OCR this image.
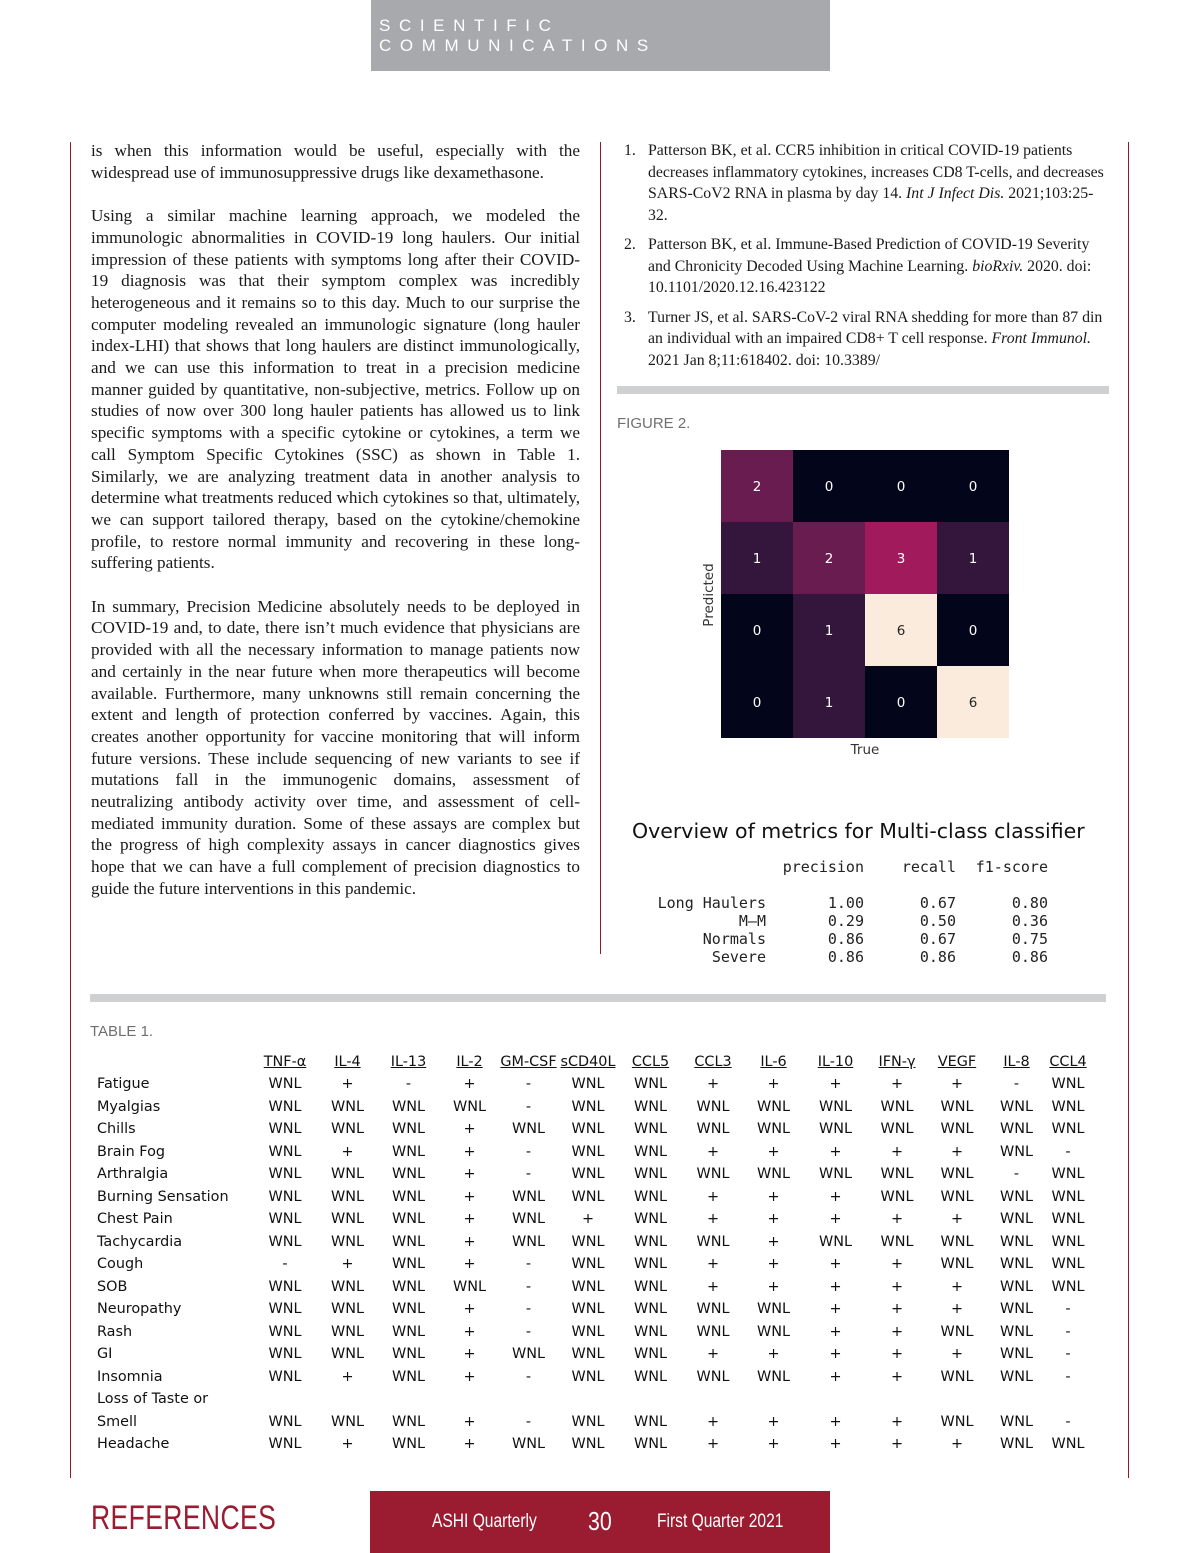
SCIENTIFIC COMMUNICATIONS

is when this information would be useful, especially with the widespread use of immunosuppressive drugs like dexamethasone.

Using a similar machine learning approach, we modeled the immunologic abnormalities in COVID-19 long haulers. Our initial impression of these patients with symptoms long after their COVID-19 diagnosis was that their symptom complex was incredibly heterogeneous and it remains so to this day. Much to our surprise the computer modeling revealed an immunologic signature (long hauler index-LHI) that shows that long haulers are distinct immunologically, and we can use this information to treat in a precision medicine manner guided by quantitative, non-subjective, metrics. Follow up on studies of now over 300 long hauler patients has allowed us to link specific symptoms with a specific cytokine or cytokines, a term we call Symptom Specific Cytokines (SSC) as shown in Table 1. Similarly, we are analyzing treatment data in another analysis to determine what treatments reduced which cytokines so that, ultimately, we can support tailored therapy, based on the cytokine/chemokine profile, to restore normal immunity and recovering in these long-suffering patients.

In summary, Precision Medicine absolutely needs to be deployed in COVID-19 and, to date, there isn’t much evidence that physicians are provided with all the necessary information to manage patients now and certainly in the near future when more therapeutics will become available. Furthermore, many unknowns still remain concerning the extent and length of protection conferred by vaccines. Again, this creates another opportunity for vaccine monitoring that will inform future versions. These include sequencing of new variants to see if mutations fall in the immunogenic domains, assessment of neutralizing antibody activity over time, and assessment of cell-mediated immunity duration. Some of these assays are complex but the progress of high complexity assays in cancer diagnostics gives hope that we can have a full complement of precision diagnostics to guide the future interventions in this pandemic.

1. Patterson BK, et al. CCR5 inhibition in critical COVID-19 patients decreases inflammatory cytokines, increases CD8 T-cells, and decreases SARS-CoV2 RNA in plasma by day 14. Int J Infect Dis. 2021;103:25-32.
2. Patterson BK, et al. Immune-Based Prediction of COVID-19 Severity and Chronicity Decoded Using Machine Learning. bioRxiv. 2020. doi: 10.1101/2020.12.16.423122
3. Turner JS, et al. SARS-CoV-2 viral RNA shedding for more than 87 din an individual with an impaired CD8+ T cell response. Front Immunol. 2021 Jan 8;11:618402. doi: 10.3389/
FIGURE 2.
2	0	0	0
1	2	3	1
0	1	6	0
0	1	0	6
True
Predicted
Overview of metrics for Multi-class classifier
	precision	recall	f1-score

Long Haulers	1.00	0.67	0.80
M–M	0.29	0.50	0.36
Normals	0.86	0.67	0.75
Severe	0.86	0.86	0.86
TABLE 1.
	TNF-α	IL-4	IL-13	IL-2	GM-CSF	sCD40L	CCL5	CCL3	IL-6	IL-10	IFN-γ	VEGF	IL-8	CCL4
Fatigue	WNL	+	-	+	-	WNL	WNL	+	+	+	+	+	-	WNL
Myalgias	WNL	WNL	WNL	WNL	-	WNL	WNL	WNL	WNL	WNL	WNL	WNL	WNL	WNL
Chills	WNL	WNL	WNL	+	WNL	WNL	WNL	WNL	WNL	WNL	WNL	WNL	WNL	WNL
Brain Fog	WNL	+	WNL	+	-	WNL	WNL	+	+	+	+	+	WNL	-
Arthralgia	WNL	WNL	WNL	+	-	WNL	WNL	WNL	WNL	WNL	WNL	WNL	-	WNL
Burning Sensation	WNL	WNL	WNL	+	WNL	WNL	WNL	+	+	+	WNL	WNL	WNL	WNL
Chest Pain	WNL	WNL	WNL	+	WNL	+	WNL	+	+	+	+	+	WNL	WNL
Tachycardia	WNL	WNL	WNL	+	WNL	WNL	WNL	WNL	+	WNL	WNL	WNL	WNL	WNL
Cough	-	+	WNL	+	-	WNL	WNL	+	+	+	+	WNL	WNL	WNL
SOB	WNL	WNL	WNL	WNL	-	WNL	WNL	+	+	+	+	+	WNL	WNL
Neuropathy	WNL	WNL	WNL	+	-	WNL	WNL	WNL	WNL	+	+	+	WNL	-
Rash	WNL	WNL	WNL	+	-	WNL	WNL	WNL	WNL	+	+	WNL	WNL	-
GI	WNL	WNL	WNL	+	WNL	WNL	WNL	+	+	+	+	+	WNL	-
Insomnia	WNL	+	WNL	+	-	WNL	WNL	WNL	WNL	+	+	WNL	WNL	-
Loss of Taste or														
Smell	WNL	WNL	WNL	+	-	WNL	WNL	+	+	+	+	WNL	WNL	-
Headache	WNL	+	WNL	+	WNL	WNL	WNL	+	+	+	+	+	WNL	WNL
REFERENCES	ASHI Quarterly 30 First Quarter 2021
